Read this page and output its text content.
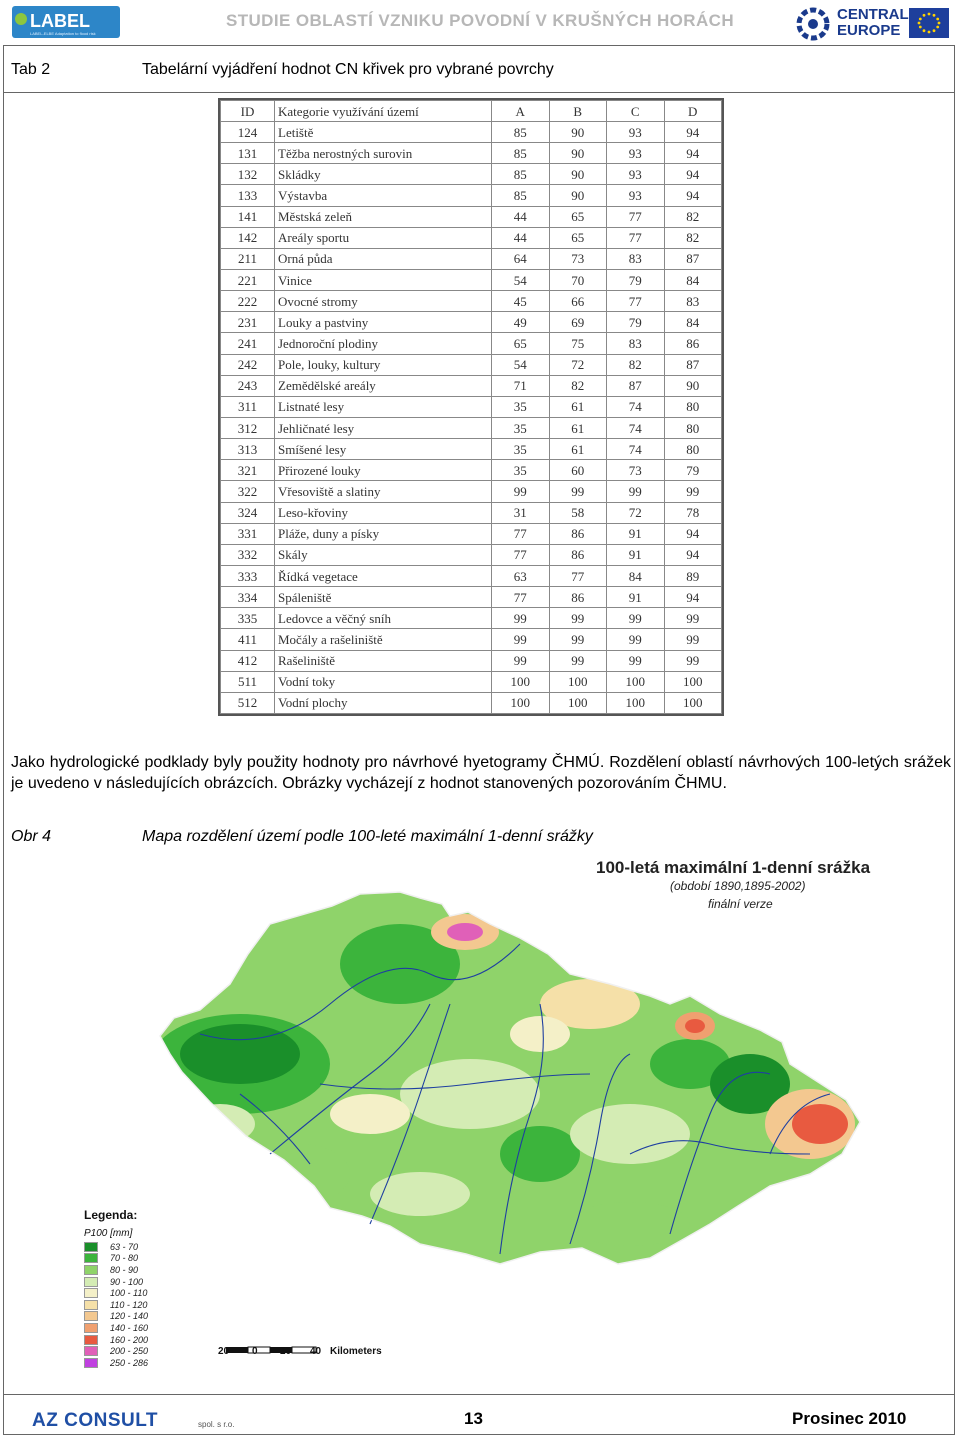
LABEL
LABEL-ELBE Adaptation to flood risk
STUDIE OBLASTÍ VZNIKU POVODNÍ V KRUŠNÝCH HORÁCH	CENTRAL
EUROPE
Tab 2	Tabelární vyjádření hodnot CN křivek pro vybrané povrchy
ID	Kategorie využívání území	A	B	C	D
124	Letiště	85	90	93	94
131	Těžba nerostných surovin	85	90	93	94
132	Skládky	85	90	93	94
133	Výstavba	85	90	93	94
141	Městská zeleň	44	65	77	82
142	Areály sportu	44	65	77	82
211	Orná půda	64	73	83	87
221	Vinice	54	70	79	84
222	Ovocné stromy	45	66	77	83
231	Louky a pastviny	49	69	79	84
241	Jednoroční plodiny	65	75	83	86
242	Pole, louky, kultury	54	72	82	87
243	Zemědělské areály	71	82	87	90
311	Listnaté lesy	35	61	74	80
312	Jehličnaté lesy	35	61	74	80
313	Smíšené lesy	35	61	74	80
321	Přirozené louky	35	60	73	79
322	Vřesoviště a slatiny	99	99	99	99
324	Leso-křoviny	31	58	72	78
331	Pláže, duny a písky	77	86	91	94
332	Skály	77	86	91	94
333	Řídká vegetace	63	77	84	89
334	Spáleniště	77	86	91	94
335	Ledovce a věčný sníh	99	99	99	99
411	Močály a rašeliniště	99	99	99	99
412	Rašeliniště	99	99	99	99
511	Vodní toky	100	100	100	100
512	Vodní plochy	100	100	100	100
Jako hydrologické podklady byly použity hodnoty pro návrhové hyetogramy ČHMÚ. Rozdělení oblastí návrhových 100-letých srážek je uvedeno v následujících obrázcích. Obrázky vycházejí z hodnot stanovených pozorováním ČHMU.
Obr 4	Mapa rozdělení území podle 100-leté maximální 1-denní srážky
100-letá maximální 1-denní srážka
(období 1890,1895-2002)
finální verze
Legenda:
P100 [mm]
63 - 70
70 - 80
80 - 90
90 - 100
100 - 110
110 - 120
120 - 140
140 - 160
160 - 200
200 - 250
250 - 286
20 0 20 40 Kilometers
AZ CONSULT	spol. s r.o.	13	Prosinec 2010
